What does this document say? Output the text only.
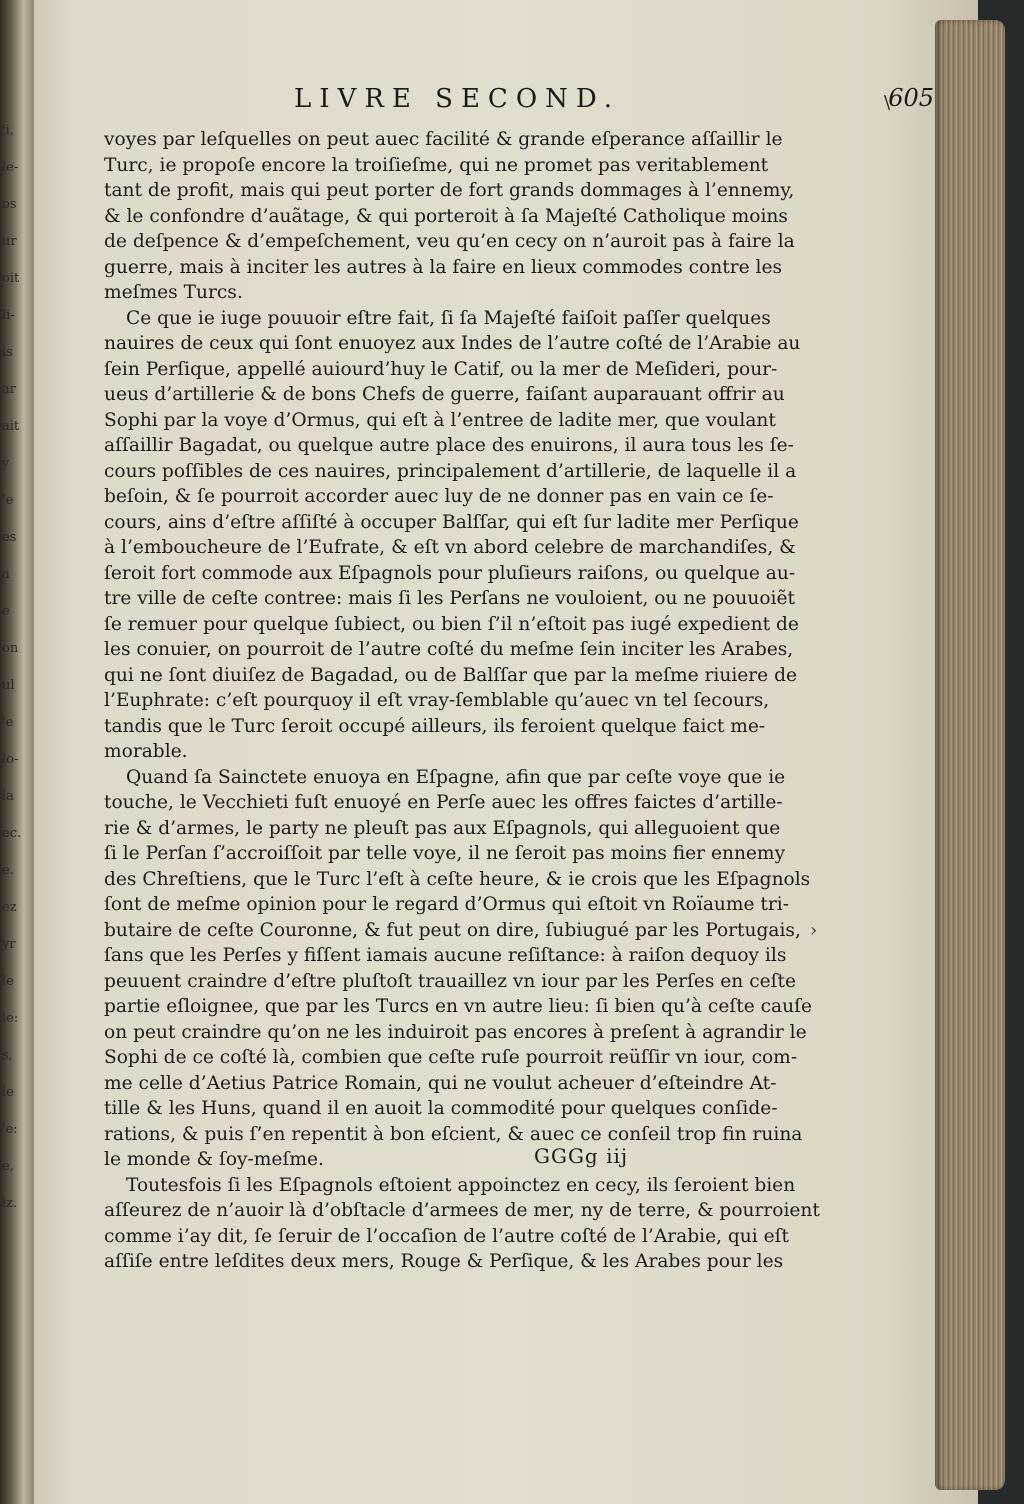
'i,
le-
os
ur
oit
li-
is
ar
ait
y
'e
es
a
e
on
ul
'e
lo-
la
ec.
e.
ez
yr
le
ie:
s,
le
'e:
e,
iz.
LIVRE SECOND.	605
voyes par leſquelles on peut auec facilité & grande eſperance aſſaillir le
Turc, ie propoſe encore la troiſieſme, qui ne promet pas veritablement
tant de profit, mais qui peut porter de fort grands dommages à l’ennemy,
& le confondre d’auãtage, & qui porteroit à ſa Majeſté Catholique moins
de deſpence & d’empeſchement, veu qu’en cecy on n’auroit pas à faire la
guerre, mais à inciter les autres à la faire en lieux commodes contre les
meſmes Turcs.
Ce que ie iuge pouuoir eſtre fait, ſi ſa Majeſté faiſoit paſſer quelques
nauires de ceux qui ſont enuoyez aux Indes de l’autre coſté de l’Arabie au
ſein Perſique, appellé auiourd’huy le Catif, ou la mer de Meſideri, pour-
ueus d’artillerie & de bons Chefs de guerre, faiſant auparauant offrir au
Sophi par la voye d’Ormus, qui eſt à l’entree de ladite mer, que voulant
aſſaillir Bagadat, ou quelque autre place des enuirons, il aura tous les ſe-
cours poſſibles de ces nauires, principalement d’artillerie, de laquelle il a
beſoin, & ſe pourroit accorder auec luy de ne donner pas en vain ce ſe-
cours, ains d’eſtre aſſiſté à occuper Balſſar, qui eſt ſur ladite mer Perſique
à l’emboucheure de l’Eufrate, & eſt vn abord celebre de marchandiſes, &
ſeroit fort commode aux Eſpagnols pour pluſieurs raiſons, ou quelque au-
tre ville de ceſte contree: mais ſi les Perſans ne vouloient, ou ne pouuoiẽt
ſe remuer pour quelque ſubiect, ou bien ſ’il n’eſtoit pas iugé expedient de
les conuier, on pourroit de l’autre coſté du meſme ſein inciter les Arabes,
qui ne ſont diuiſez de Bagadad, ou de Balſſar que par la meſme riuiere de
l’Euphrate: c’eſt pourquoy il eſt vray-ſemblable qu’auec vn tel ſecours,
tandis que le Turc ſeroit occupé ailleurs, ils feroient quelque faict me-
morable.
Quand ſa Sainctete enuoya en Eſpagne, afin que par ceſte voye que ie
touche, le Vecchieti fuſt enuoyé en Perſe auec les offres faictes d’artille-
rie & d’armes, le party ne pleuſt pas aux Eſpagnols, qui alleguoient que
ſi le Perſan ſ’accroiſſoit par telle voye, il ne ſeroit pas moins fier ennemy
des Chreſtiens, que le Turc l’eſt à ceſte heure, & ie crois que les Eſpagnols
ſont de meſme opinion pour le regard d’Ormus qui eſtoit vn Roïaume tri-
butaire de ceſte Couronne, & fut peut on dire, ſubiugué par les Portugais,
ſans que les Perſes y fiſſent iamais aucune reſiſtance: à raiſon dequoy ils
peuuent craindre d’eſtre pluſtoſt trauaillez vn iour par les Perſes en ceſte
partie eſloignee, que par les Turcs en vn autre lieu: ſi bien qu’à ceſte cauſe
on peut craindre qu’on ne les induiroit pas encores à preſent à agrandir le
Sophi de ce coſté là, combien que ceſte ruſe pourroit reüſſir vn iour, com-
me celle d’Aetius Patrice Romain, qui ne voulut acheuer d’eſteindre At-
tille & les Huns, quand il en auoit la commodité pour quelques conſide-
rations, & puis ſ’en repentit à bon eſcient, & auec ce conſeil trop fin ruina
le monde & ſoy-meſme.
Toutesfois ſi les Eſpagnols eſtoient appoinctez en cecy, ils ſeroient bien
aſſeurez de n’auoir là d’obſtacle d’armees de mer, ny de terre, & pourroient
comme i’ay dit, ſe ſeruir de l’occaſion de l’autre coſté de l’Arabie, qui eſt
aſſiſe entre leſdites deux mers, Rouge & Perſique, & les Arabes pour les
GGGg iij
\
›
